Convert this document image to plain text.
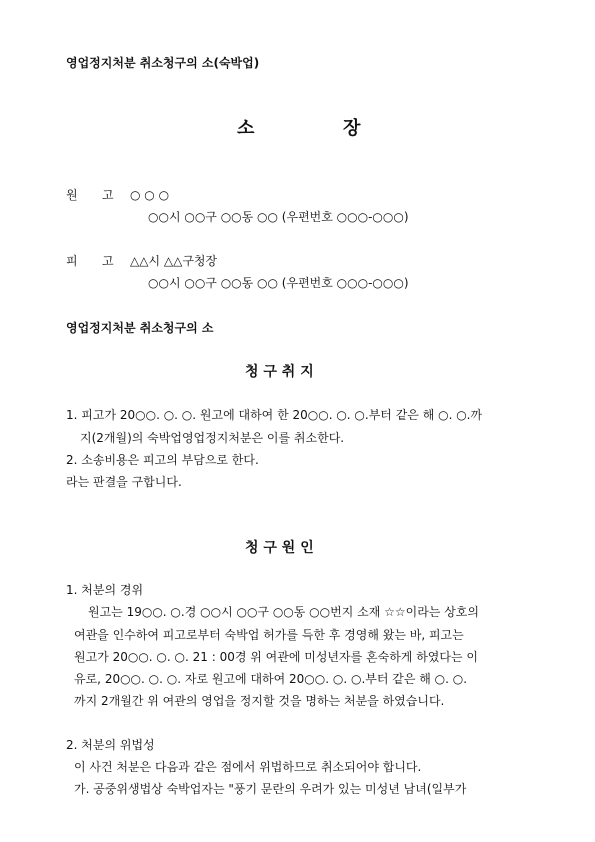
영업정지처분 취소청구의 소(숙박업)
소	장
원 고 ○ ○ ○
○○시 ○○구 ○○동 ○○ (우편번호 ○○○-○○○)
피 고 △△시 △△구청장
○○시 ○○구 ○○동 ○○ (우편번호 ○○○-○○○)
영업정지처분 취소청구의 소
청 구 취 지
1. 피고가 20○○. ○. ○. 원고에 대하여 한 20○○. ○. ○.부터 같은 해 ○. ○.까
지(2개월)의 숙박업영업정지처분은 이를 취소한다.
2. 소송비용은 피고의 부담으로 한다.
라는 판결을 구합니다.
청 구 원 인
1. 처분의 경위
원고는 19○○. ○.경 ○○시 ○○구 ○○동 ○○번지 소재 ☆☆이라는 상호의
여관을 인수하여 피고로부터 숙박업 허가를 득한 후 경영해 왔는 바, 피고는
원고가 20○○. ○. ○. 21 : 00경 위 여관에 미성년자를 혼숙하게 하였다는 이
유로, 20○○. ○. ○. 자로 원고에 대하여 20○○. ○. ○.부터 같은 해 ○. ○.
까지 2개월간 위 여관의 영업을 정지할 것을 명하는 처분을 하였습니다.
2. 처분의 위법성
이 사건 처분은 다음과 같은 점에서 위법하므로 취소되어야 합니다.
가. 공중위생법상 숙박업자는 "풍기 문란의 우려가 있는 미성년 남녀(일부가
